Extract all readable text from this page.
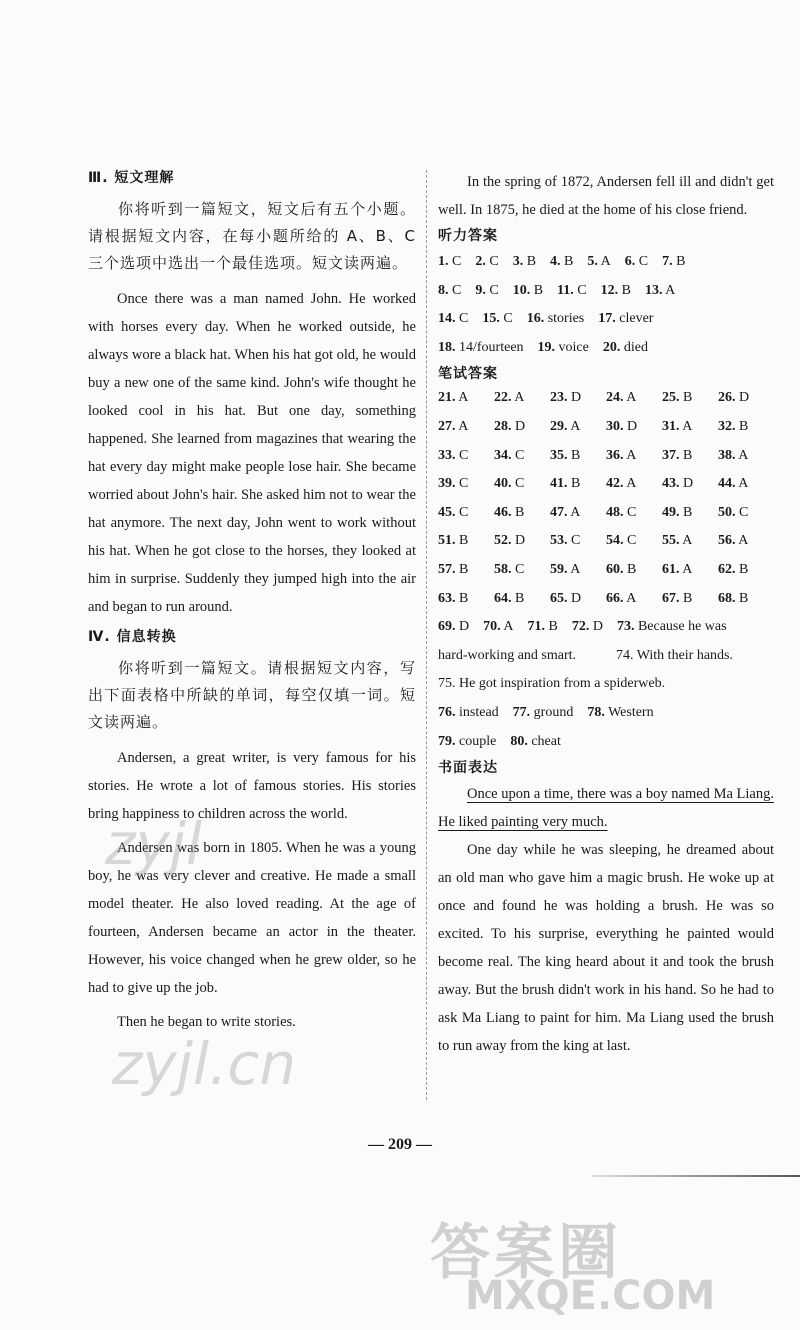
Ⅲ. 短文理解

你将听到一篇短文，短文后有五个小题。请根据短文内容，在每小题所给的 A、B、C 三个选项中选出一个最佳选项。短文读两遍。

Once there was a man named John. He worked with horses every day. When he worked outside, he always wore a black hat. When his hat got old, he would buy a new one of the same kind. John's wife thought he looked cool in his hat. But one day, something happened. She learned from magazines that wearing the hat every day might make people lose hair. She became worried about John's hair. She asked him not to wear the hat anymore. The next day, John went to work without his hat. When he got close to the horses, they looked at him in surprise. Suddenly they jumped high into the air and began to run around.

Ⅳ. 信息转换

你将听到一篇短文。请根据短文内容，写出下面表格中所缺的单词，每空仅填一词。短文读两遍。

Andersen, a great writer, is very famous for his stories. He wrote a lot of famous stories. His stories bring happiness to children across the world.

Andersen was born in 1805. When he was a young boy, he was very clever and creative. He made a small model theater. He also loved reading. At the age of fourteen, Andersen became an actor in the theater. However, his voice changed when he grew older, so he had to give up the job.

Then he began to write stories.

In the spring of 1872, Andersen fell ill and didn't get well. In 1875, he died at the home of his close friend.

听力答案
1. C 2. C 3. B 4. B 5. A 6. C 7. B
8. C 9. C 10. B 11. C 12. B 13. A
14. C 15. C 16. stories 17. clever
18. 14/fourteen 19. voice 20. died
笔试答案
21. A	22. A	23. D	24. A	25. B	26. D
27. A	28. D	29. A	30. D	31. A	32. B
33. C	34. C	35. B	36. A	37. B	38. A
39. C	40. C	41. B	42. A	43. D	44. A
45. C	46. B	47. A	48. C	49. B	50. C
51. B	52. D	53. C	54. C	55. A	56. A
57. B	58. C	59. A	60. B	61. A	62. B
63. B	64. B	65. D	66. A	67. B	68. B
69. D 70. A 71. B 72. D 73. Because he was
hard-working and smart.	74. With their hands.
75. He got inspiration from a spiderweb.
76. instead 77. ground 78. Western
79. couple 80. cheat
书面表达

Once upon a time, there was a boy named Ma Liang. He liked painting very much.

One day while he was sleeping, he dreamed about an old man who gave him a magic brush. He woke up at once and found he was holding a brush. He was so excited. To his surprise, everything he painted would become real. The king heard about it and took the brush away. But the brush didn't work in his hand. So he had to ask Ma Liang to paint for him. Ma Liang used the brush to run away from the king at last.

— 209 —
zyjl
zyjl.cn
答案圈
MXQE.COM
